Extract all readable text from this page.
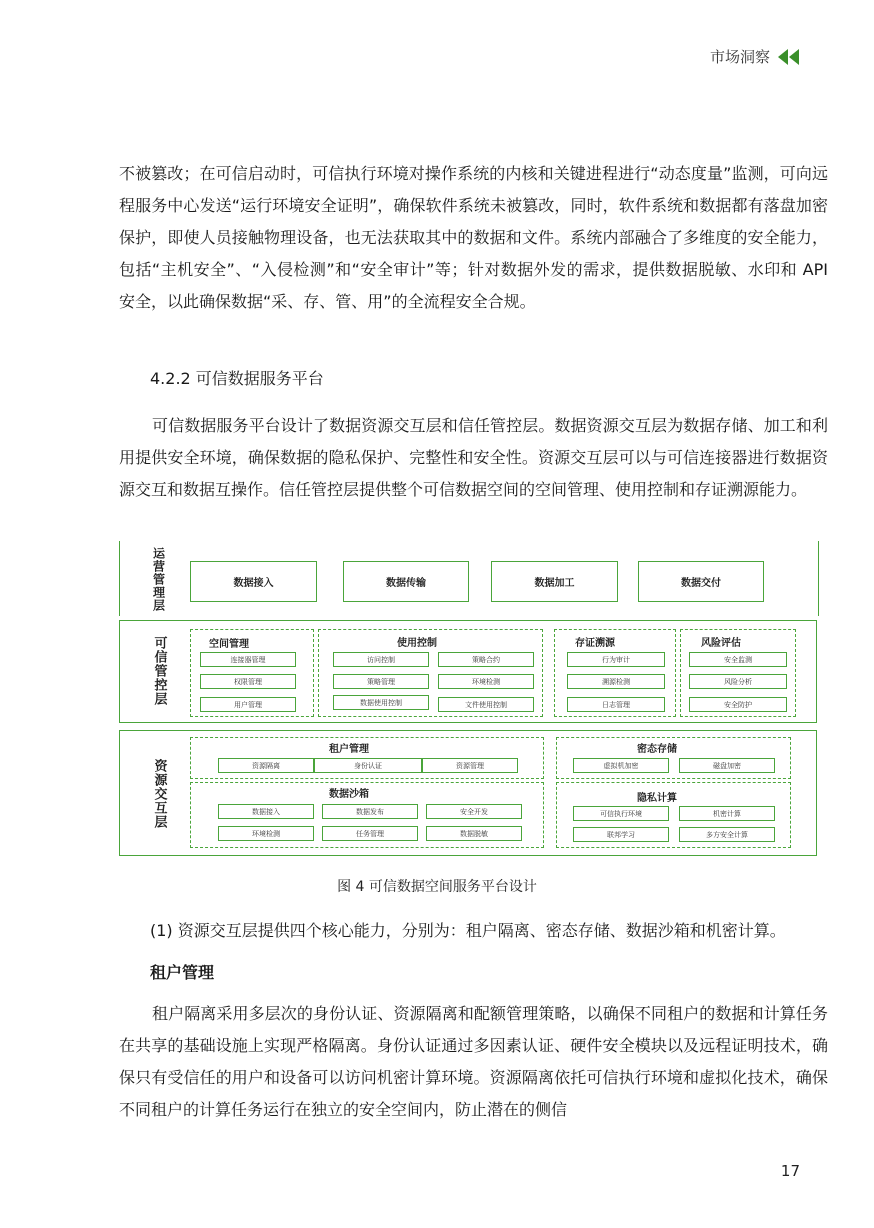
市场洞察

不被篡改；在可信启动时，可信执行环境对操作系统的内核和关键进程进行“动态度量”监测，可向远程服务中心发送“运行环境安全证明”，确保软件系统未被篡改，同时，软件系统和数据都有落盘加密保护，即使人员接触物理设备，也无法获取其中的数据和文件。系统内部融合了多维度的安全能力，包括“主机安全”、“入侵检测”和“安全审计”等；针对数据外发的需求，提供数据脱敏、水印和 API 安全，以此确保数据“采、存、管、用”的全流程安全合规。

4.2.2 可信数据服务平台

可信数据服务平台设计了数据资源交互层和信任管控层。数据资源交互层为数据存储、加工和利用提供安全环境，确保数据的隐私保护、完整性和安全性。资源交互层可以与可信连接器进行数据资源交互和数据互操作。信任管控层提供整个可信数据空间的空间管理、使用控制和存证溯源能力。

运营管理层	数据接入	数据传输	数据加工	数据交付
可信管控层	空间管理
连接器管理
权限管理
用户管理
使用控制
访问控制	策略合约
策略管理	环境检测
数据使用控制	文件使用控制
存证溯源
行为审计
溯源检测
日志管理
风险评估
安全监测
风险分析
安全防护
资源交互层
租户管理
资源隔离	身份认证	资源管理
密态存储
虚拟机加密	磁盘加密
数据沙箱
数据接入	数据发布	安全开发
环境检测	任务管理	数据脱敏
隐私计算
可信执行环境	机密计算
联邦学习	多方安全计算
图 4 可信数据空间服务平台设计

(1) 资源交互层提供四个核心能力，分别为：租户隔离、密态存储、数据沙箱和机密计算。

租户管理

租户隔离采用多层次的身份认证、资源隔离和配额管理策略，以确保不同租户的数据和计算任务在共享的基础设施上实现严格隔离。身份认证通过多因素认证、硬件安全模块以及远程证明技术，确保只有受信任的用户和设备可以访问机密计算环境。资源隔离依托可信执行环境和虚拟化技术，确保不同租户的计算任务运行在独立的安全空间内，防止潜在的侧信

17
